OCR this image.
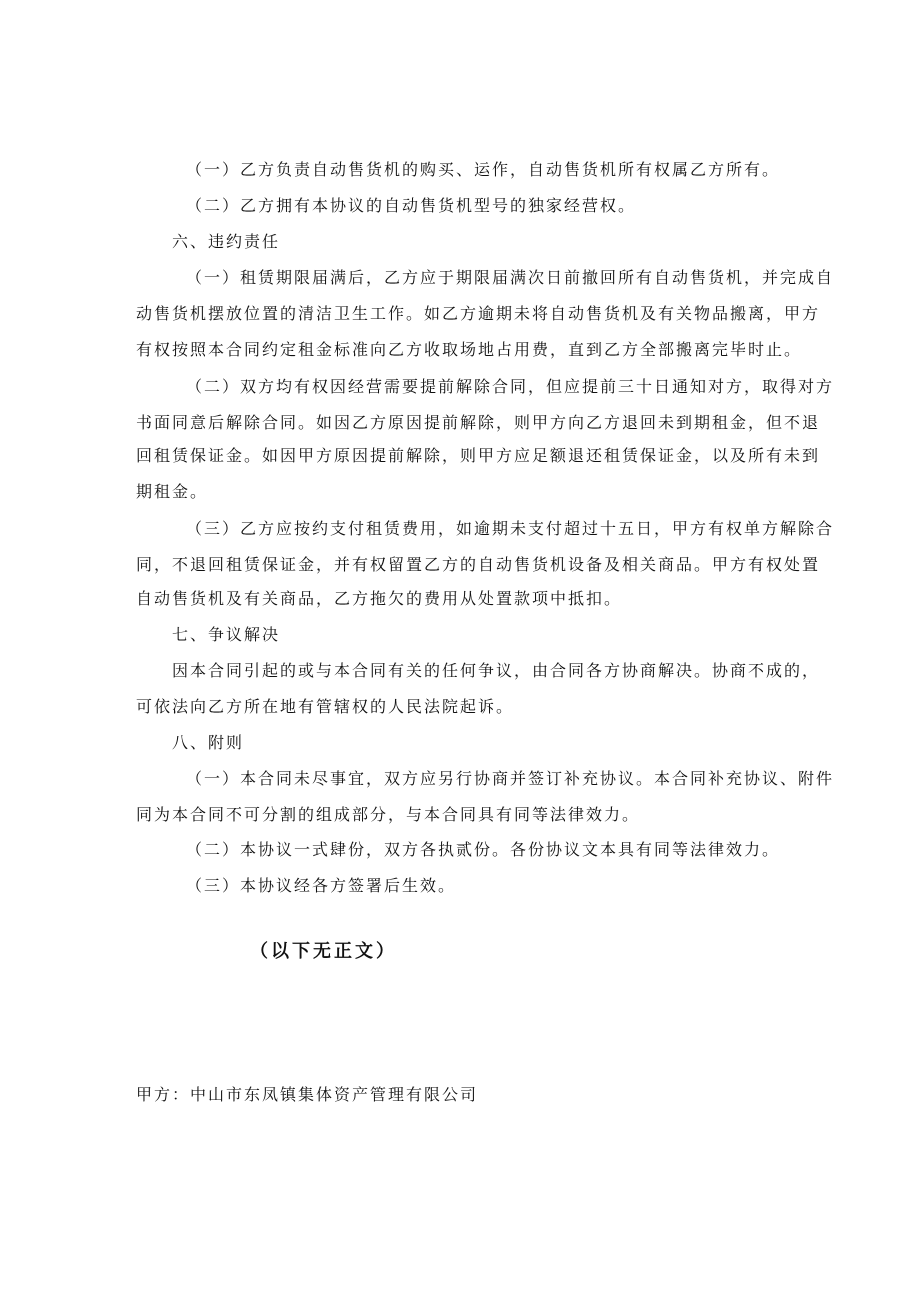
（一）乙方负责自动售货机的购买、运作，自动售货机所有权属乙方所有。
（二）乙方拥有本协议的自动售货机型号的独家经营权。
六、违约责任
（一）租赁期限届满后，乙方应于期限届满次日前撤回所有自动售货机，并完成自
动售货机摆放位置的清洁卫生工作。如乙方逾期未将自动售货机及有关物品搬离，甲方
有权按照本合同约定租金标准向乙方收取场地占用费，直到乙方全部搬离完毕时止。
（二）双方均有权因经营需要提前解除合同，但应提前三十日通知对方，取得对方
书面同意后解除合同。如因乙方原因提前解除，则甲方向乙方退回未到期租金，但不退
回租赁保证金。如因甲方原因提前解除，则甲方应足额退还租赁保证金，以及所有未到
期租金。
（三）乙方应按约支付租赁费用，如逾期未支付超过十五日，甲方有权单方解除合
同，不退回租赁保证金，并有权留置乙方的自动售货机设备及相关商品。甲方有权处置
自动售货机及有关商品，乙方拖欠的费用从处置款项中抵扣。
七、争议解决
因本合同引起的或与本合同有关的任何争议，由合同各方协商解决。协商不成的，
可依法向乙方所在地有管辖权的人民法院起诉。
八、附则
（一）本合同未尽事宜，双方应另行协商并签订补充协议。本合同补充协议、附件
同为本合同不可分割的组成部分，与本合同具有同等法律效力。
（二）本协议一式肆份，双方各执贰份。各份协议文本具有同等法律效力。
（三）本协议经各方签署后生效。
（以下无正文）
甲方：中山市东凤镇集体资产管理有限公司
